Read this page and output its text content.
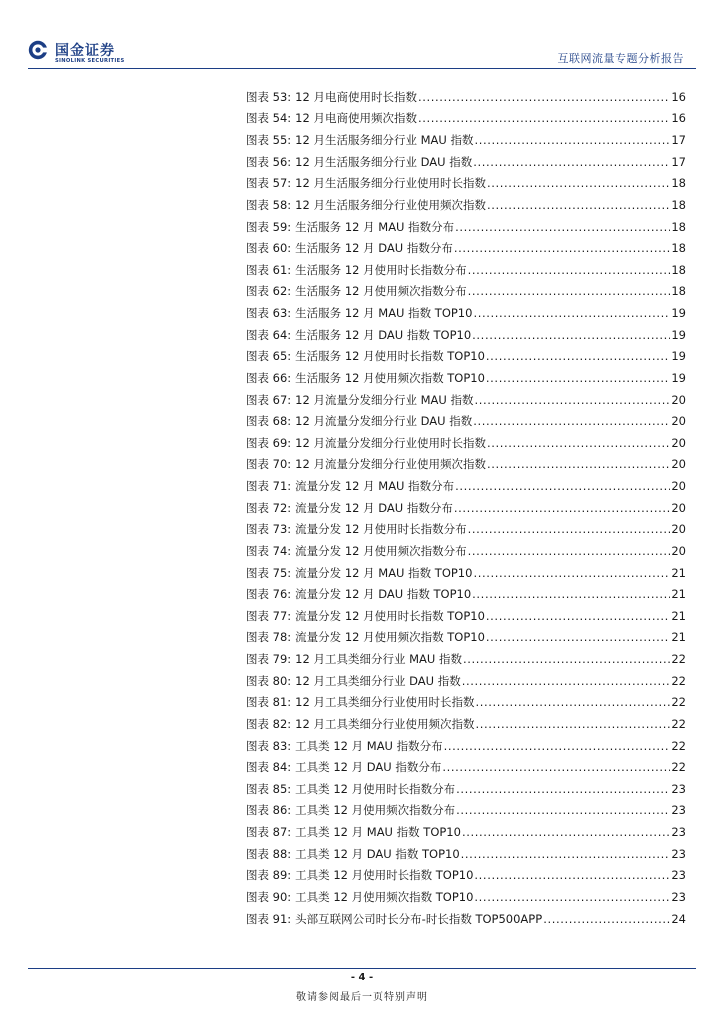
国金证券
SINOLINK SECURITIES	互联网流量专题分析报告
图表 53: 12 月电商使用时长指数 .....	16
图表 54: 12 月电商使用频次指数 .....	16
图表 55: 12 月生活服务细分行业 MAU 指数 .....	17
图表 56: 12 月生活服务细分行业 DAU 指数 .....	17
图表 57: 12 月生活服务细分行业使用时长指数 .....	18
图表 58: 12 月生活服务细分行业使用频次指数 .....	18
图表 59: 生活服务 12 月 MAU 指数分布 .....	18
图表 60: 生活服务 12 月 DAU 指数分布 .....	18
图表 61: 生活服务 12 月使用时长指数分布 .....	18
图表 62: 生活服务 12 月使用频次指数分布 .....	18
图表 63: 生活服务 12 月 MAU 指数 TOP10 .....	19
图表 64: 生活服务 12 月 DAU 指数 TOP10 .....	19
图表 65: 生活服务 12 月使用时长指数 TOP10 .....	19
图表 66: 生活服务 12 月使用频次指数 TOP10 .....	19
图表 67: 12 月流量分发细分行业 MAU 指数 .....	20
图表 68: 12 月流量分发细分行业 DAU 指数 .....	20
图表 69: 12 月流量分发细分行业使用时长指数 .....	20
图表 70: 12 月流量分发细分行业使用频次指数 .....	20
图表 71: 流量分发 12 月 MAU 指数分布 .....	20
图表 72: 流量分发 12 月 DAU 指数分布 .....	20
图表 73: 流量分发 12 月使用时长指数分布 .....	20
图表 74: 流量分发 12 月使用频次指数分布 .....	20
图表 75: 流量分发 12 月 MAU 指数 TOP10 .....	21
图表 76: 流量分发 12 月 DAU 指数 TOP10 .....	21
图表 77: 流量分发 12 月使用时长指数 TOP10 .....	21
图表 78: 流量分发 12 月使用频次指数 TOP10 .....	21
图表 79: 12 月工具类细分行业 MAU 指数 .....	22
图表 80: 12 月工具类细分行业 DAU 指数 .....	22
图表 81: 12 月工具类细分行业使用时长指数 .....	22
图表 82: 12 月工具类细分行业使用频次指数 .....	22
图表 83: 工具类 12 月 MAU 指数分布 .....	22
图表 84: 工具类 12 月 DAU 指数分布 .....	22
图表 85: 工具类 12 月使用时长指数分布 .....	23
图表 86: 工具类 12 月使用频次指数分布 .....	23
图表 87: 工具类 12 月 MAU 指数 TOP10 .....	23
图表 88: 工具类 12 月 DAU 指数 TOP10 .....	23
图表 89: 工具类 12 月使用时长指数 TOP10 .....	23
图表 90: 工具类 12 月使用频次指数 TOP10 .....	23
图表 91: 头部互联网公司时长分布-时长指数 TOP500APP .....	24
- 4 -
敬请参阅最后一页特别声明
